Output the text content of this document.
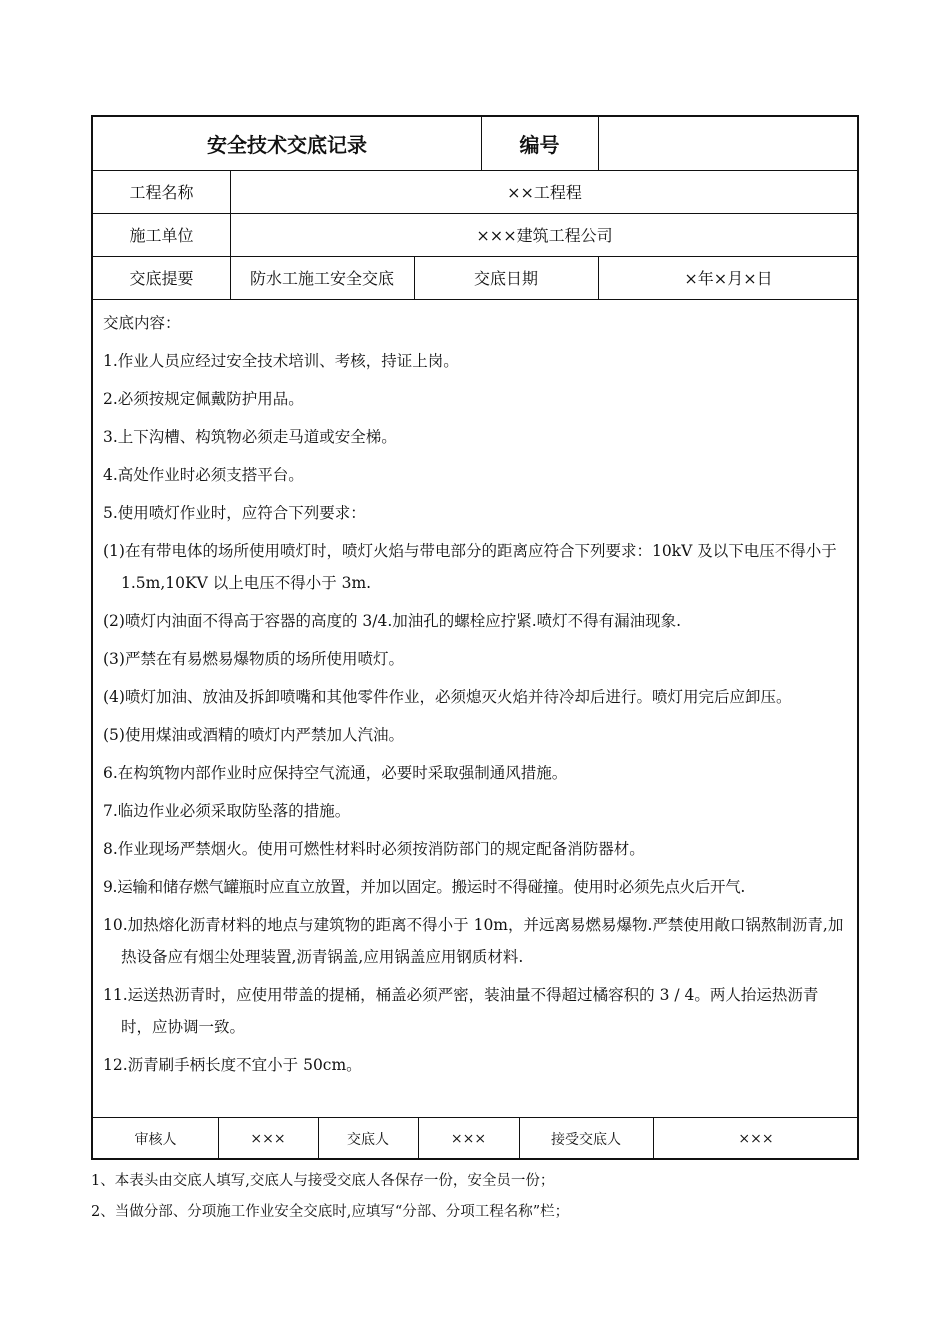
安全技术交底记录	编号
工程名称	××工程程
施工单位	×××建筑工程公司
交底提要	防水工施工安全交底	交底日期	×年×月×日

交底内容：

1.作业人员应经过安全技术培训、考核，持证上岗。

2.必须按规定佩戴防护用品。

3.上下沟槽、构筑物必须走马道或安全梯。

4.高处作业时必须支搭平台。

5.使用喷灯作业时，应符合下列要求：

(1)在有带电体的场所使用喷灯时，喷灯火焰与带电部分的距离应符合下列要求：10kV 及以下电压不得小于 1.5m,10KV 以上电压不得小于 3m.

(2)喷灯内油面不得高于容器的高度的 3/4.加油孔的螺栓应拧紧.喷灯不得有漏油现象.

(3)严禁在有易燃易爆物质的场所使用喷灯。

(4)喷灯加油、放油及拆卸喷嘴和其他零件作业，必须熄灭火焰并待冷却后进行。喷灯用完后应卸压。

(5)使用煤油或酒精的喷灯内严禁加人汽油。

6.在构筑物内部作业时应保持空气流通，必要时采取强制通风措施。

7.临边作业必须采取防坠落的措施。

8.作业现场严禁烟火。使用可燃性材料时必须按消防部门的规定配备消防器材。

9.运输和储存燃气罐瓶时应直立放置，并加以固定。搬运时不得碰撞。使用时必须先点火后开气.

10.加热熔化沥青材料的地点与建筑物的距离不得小于 10m，并远离易燃易爆物.严禁使用敞口锅熬制沥青,加热设备应有烟尘处理装置,沥青锅盖,应用锅盖应用钢质材料.

11.运送热沥青时，应使用带盖的提桶，桶盖必须严密，装油量不得超过橘容积的 3 / 4。两人抬运热沥青时，应协调一致。

12.沥青刷手柄长度不宜小于 50cm。

审核人	×××	交底人	×××	接受交底人	×××
1、本表头由交底人填写,交底人与接受交底人各保存一份，安全员一份；
2、当做分部、分项施工作业安全交底时,应填写“分部、分项工程名称”栏；
